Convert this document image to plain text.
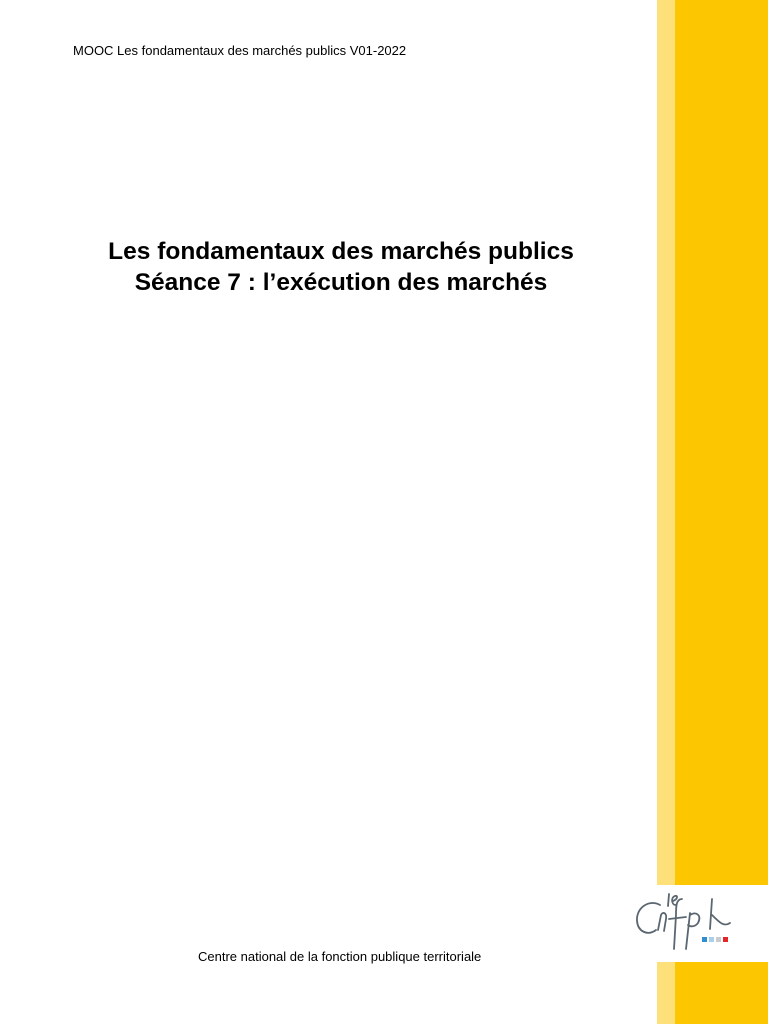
MOOC Les fondamentaux des marchés publics V01-2022
Les fondamentaux des marchés publics
Séance 7 : l’exécution des marchés
Centre national de la fonction publique territoriale
